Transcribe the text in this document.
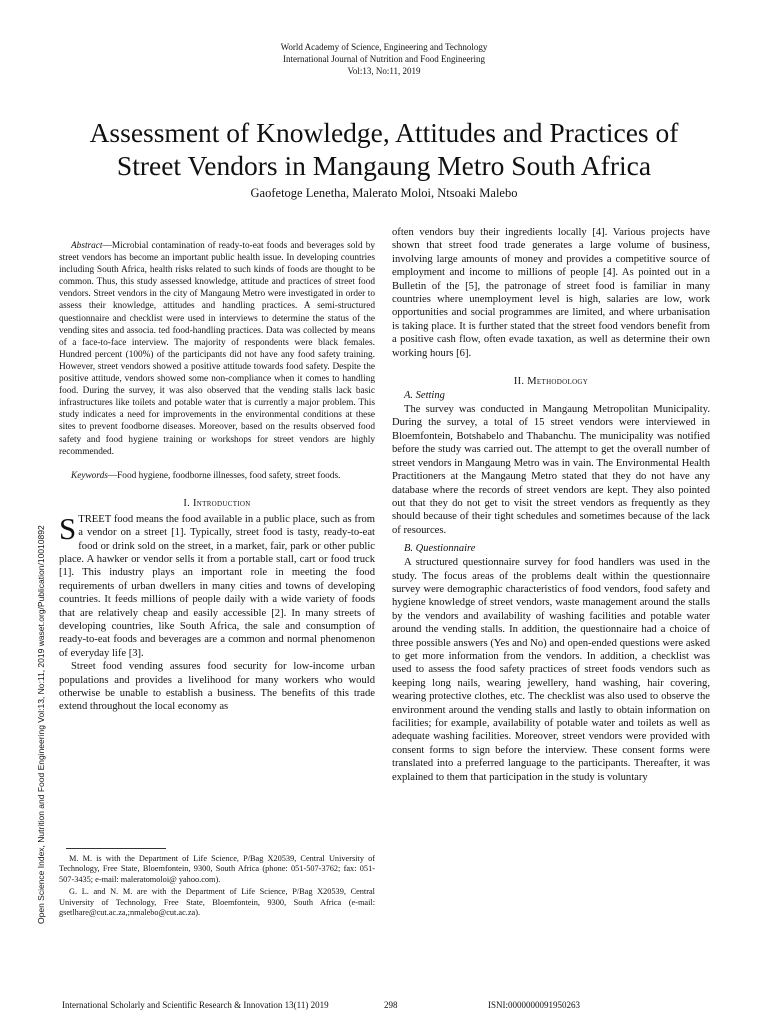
World Academy of Science, Engineering and Technology
International Journal of Nutrition and Food Engineering
Vol:13, No:11, 2019
Assessment of Knowledge, Attitudes and Practices of
Street Vendors in Mangaung Metro South Africa
Gaofetoge Lenetha, Malerato Moloi, Ntsoaki Malebo
Open Science Index, Nutrition and Food Engineering Vol:13, No:11, 2019 waset.org/Publication/10010892

Abstract—Microbial contamination of ready-to-eat foods and beverages sold by street vendors has become an important public health issue. In developing countries including South Africa, health risks related to such kinds of foods are thought to be common. Thus, this study assessed knowledge, attitude and practices of street food vendors. Street vendors in the city of Mangaung Metro were investigated in order to assess their knowledge, attitudes and handling practices. A semi-structured questionnaire and checklist were used in interviews to determine the status of the vending sites and associa. ted food-handling practices. Data was collected by means of a face-to-face interview. The majority of respondents were black females. Hundred percent (100%) of the participants did not have any food safety training. However, street vendors showed a positive attitude towards food safety. Despite the positive attitude, vendors showed some non-compliance when it comes to handling food. During the survey, it was also observed that the vending stalls lack basic infrastructures like toilets and potable water that is currently a major problem. This study indicates a need for improvements in the environmental conditions at these sites to prevent foodborne diseases. Moreover, based on the results observed food safety and food hygiene training or workshops for street vendors are highly recommended.

Keywords—Food hygiene, foodborne illnesses, food safety, street foods.

I. Introduction

STREET food means the food available in a public place, such as from a vendor on a street [1]. Typically, street food is tasty, ready-to-eat food or drink sold on the street, in a market, fair, park or other public place. A hawker or vendor sells it from a portable stall, cart or food truck [1]. This industry plays an important role in meeting the food requirements of urban dwellers in many cities and towns of developing countries. It feeds millions of people daily with a wide variety of foods that are relatively cheap and easily accessible [2]. In many streets of developing countries, like South Africa, the sale and consumption of ready-to-eat foods and beverages are a common and normal phenomenon of everyday life [3].

Street food vending assures food security for low-income urban populations and provides a livelihood for many workers who would otherwise be unable to establish a business. The benefits of this trade extend throughout the local economy as

M. M. is with the Department of Life Science, P/Bag X20539, Central University of Technology, Free State, Bloemfontein, 9300, South Africa (phone: 051-507-3762; fax: 051-507-3435; e-mail: maleratomoloi@ yahoo.com).

G. L. and N. M. are with the Department of Life Science, P/Bag X20539, Central University of Technology, Free State, Bloemfontein, 9300, South Africa (e-mail: gsetlhare@cut.ac.za,;nmalebo@cut.ac.za).

often vendors buy their ingredients locally [4]. Various projects have shown that street food trade generates a large volume of business, involving large amounts of money and provides a competitive source of employment and income to millions of people [4]. As pointed out in a Bulletin of the [5], the patronage of street food is familiar in many countries where unemployment level is high, salaries are low, work opportunities and social programmes are limited, and where urbanisation is taking place. It is further stated that the street food vendors benefit from a positive cash flow, often evade taxation, as well as determine their own working hours [6].

II. Methodology

A. Setting

The survey was conducted in Mangaung Metropolitan Municipality. During the survey, a total of 15 street vendors were interviewed in Bloemfontein, Botshabelo and Thabanchu. The municipality was notified before the study was carried out. The attempt to get the overall number of street vendors in Mangaung Metro was in vain. The Environmental Health Practitioners at the Mangaung Metro stated that they do not have any database where the records of street vendors are kept. They also pointed out that they do not get to visit the street vendors as frequently as they should because of their tight schedules and sometimes because of the lack of resources.

B. Questionnaire

A structured questionnaire survey for food handlers was used in the study. The focus areas of the problems dealt within the questionnaire survey were demographic characteristics of food vendors, food safety and hygiene knowledge of street vendors, waste management around the stalls by the vendors and availability of washing facilities and potable water around the vending stalls. In addition, the questionnaire had a choice of three possible answers (Yes and No) and open-ended questions were asked to get more information from the vendors. In addition, a checklist was used to assess the food safety practices of street foods vendors such as keeping long nails, wearing jewellery, hand washing, hair covering, wearing protective clothes, etc. The checklist was also used to observe the environment around the vending stalls and lastly to obtain information on facilities; for example, availability of potable water and toilets as well as adequate washing facilities. Moreover, street vendors were provided with consent forms to sign before the interview. These consent forms were translated into a preferred language to the participants. Thereafter, it was explained to them that participation in the study is voluntary

International Scholarly and Scientific Research & Innovation 13(11) 2019	298	ISNI:0000000091950263
